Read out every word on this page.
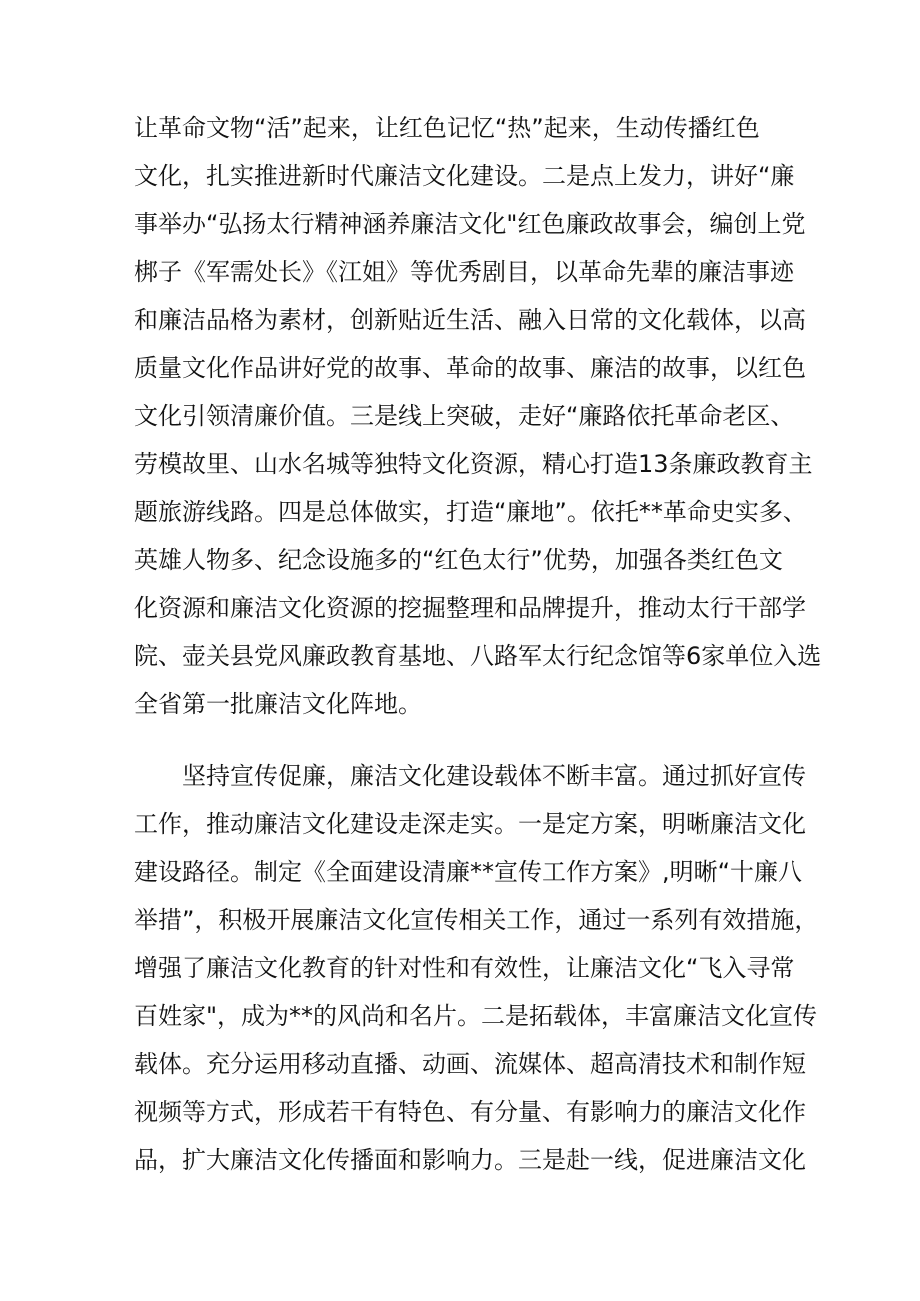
让革命文物“活”起来，让红色记忆“热”起来，生动传播红色
文化，扎实推进新时代廉洁文化建设。二是点上发力，讲好“廉
事举办“弘扬太行精神涵养廉洁文化"红色廉政故事会，编创上党
梆子《军需处长》《江姐》等优秀剧目，以革命先辈的廉洁事迹
和廉洁品格为素材，创新贴近生活、融入日常的文化载体，以高
质量文化作品讲好党的故事、革命的故事、廉洁的故事，以红色
文化引领清廉价值。三是线上突破，走好“廉路依托革命老区、
劳模故里、山水名城等独特文化资源，精心打造13条廉政教育主
题旅游线路。四是总体做实，打造“廉地”。依托**革命史实多、
英雄人物多、纪念设施多的“红色太行”优势，加强各类红色文
化资源和廉洁文化资源的挖掘整理和品牌提升，推动太行干部学
院、壶关县党风廉政教育基地、八路军太行纪念馆等6家单位入选
全省第一批廉洁文化阵地。
　　坚持宣传促廉，廉洁文化建设载体不断丰富。通过抓好宣传
工作，推动廉洁文化建设走深走实。一是定方案，明晰廉洁文化
建设路径。制定《全面建设清廉**宣传工作方案》,明晰“十廉八
举措”，积极开展廉洁文化宣传相关工作，通过一系列有效措施，
增强了廉洁文化教育的针对性和有效性，让廉洁文化“飞入寻常
百姓家"，成为**的风尚和名片。二是拓载体，丰富廉洁文化宣传
载体。充分运用移动直播、动画、流媒体、超高清技术和制作短
视频等方式，形成若干有特色、有分量、有影响力的廉洁文化作
品，扩大廉洁文化传播面和影响力。三是赴一线，促进廉洁文化
